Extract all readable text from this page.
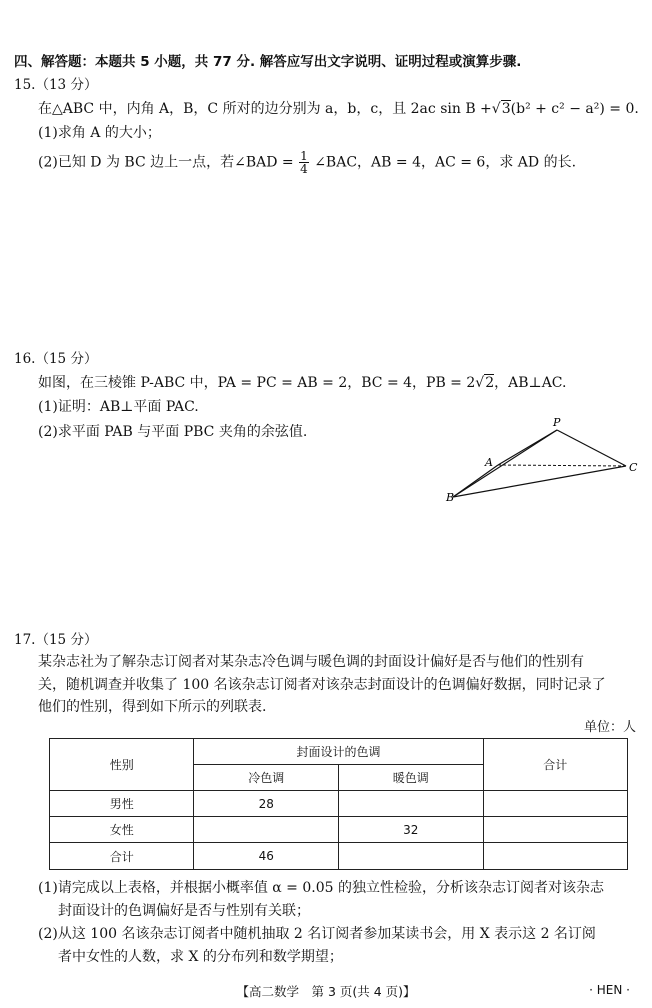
四、解答题：本题共 5 小题，共 77 分. 解答应写出文字说明、证明过程或演算步骤.
15.（13 分）
在△ABC 中，内角 A，B，C 所对的边分别为 a，b，c，且 2ac sin B +√3(b² + c² − a²) = 0.
(1)求角 A 的大小；
(2)已知 D 为 BC 边上一点，若∠BAD = $\frac{1}{4}$ ∠BAC，AB = 4，AC = 6，求 AD 的长.
16.（15 分）
如图，在三棱锥 P-ABC 中，PA = PC = AB = 2，BC = 4，PB = 2√2，AB⊥AC.
(1)证明：AB⊥平面 PAC.
(2)求平面 PAB 与平面 PBC 夹角的余弦值.
P
A
B
C
17.（15 分）
某杂志社为了解杂志订阅者对某杂志冷色调与暖色调的封面设计偏好是否与他们的性别有
关，随机调查并收集了 100 名该杂志订阅者对该杂志封面设计的色调偏好数据，同时记录了
他们的性别，得到如下所示的列联表.
单位：人
性别	封面设计的色调		合计
	冷色调	暖色调	
男性	28		
女性		32	
合计	46		
(1)请完成以上表格，并根据小概率值 α = 0.05 的独立性检验，分析该杂志订阅者对该杂志
封面设计的色调偏好是否与性别有关联；
(2)从这 100 名该杂志订阅者中随机抽取 2 名订阅者参加某读书会，用 X 表示这 2 名订阅
者中女性的人数，求 X 的分布列和数学期望；
【高二数学　第 3 页(共 4 页)】	· HEN ·
